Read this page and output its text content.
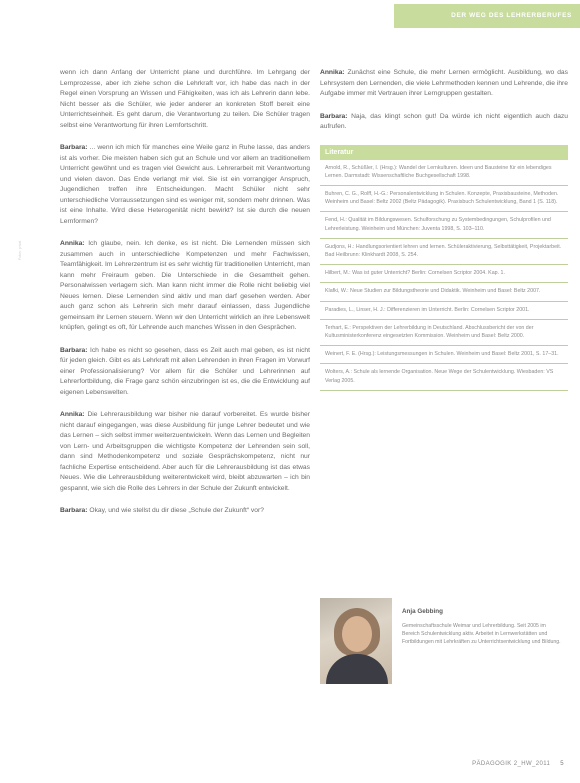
DER WEG DES LEHRERBERUFES
Fotos: privat

wenn ich dann Anfang der Unterricht plane und durchführe. Im Lehrgang der Lernprozesse, aber ich ziehe schon die Lehrkraft vor, ich habe das nach in der Regel einen Vorsprung an Wissen und Fähigkeiten, was ich als Lehrerin dann lebe. Nicht besser als die Schüler, wie jeder anderer an konkreten Stoff bereit eine Unterrichtseinheit. Es geht darum, die Verantwortung zu teilen. Die Schüler tragen selbst eine Verantwortung für ihren Lernfortschritt.

Barbara: ... wenn ich mich für manches eine Weile ganz in Ruhe lasse, das anders ist als vorher. Die meisten haben sich gut an Schule und vor allem an traditionellem Unterricht gewöhnt und es tragen viel Gewicht aus. Lehrerarbeit mit Verantwortung und vielen davon. Das Ende verlangt mir viel. Sie ist ein vorrangiger Anspruch, Jugendlichen treffen ihre Entscheidungen. Macht Schüler nicht sehr unterschiedliche Vorraussetzungen sind es weniger mit, sondern mehr drinnen. Was ist eine Inhalte. Wird diese Heterogenität nicht bewirkt? Ist sie durch die neuen Lernformen?

Annika: Ich glaube, nein. Ich denke, es ist nicht. Die Lernenden müssen sich zusammen auch in unterschiedliche Kompetenzen und mehr Fachwissen, Teamfähigkeit. Im Lehrerzentrum ist es sehr wichtig für traditionellen Unterricht, man kann mehr Freiraum geben. Die Unterschiede in die Gesamtheit gehen. Personalwissen verlagern sich. Man kann nicht immer die Rolle nicht beliebig viel Neues lernen. Diese Lernenden sind aktiv und man darf gesehen werden. Aber auch ganz schon als Lehrerin sich mehr darauf einlassen, dass Jugendliche gemeinsam ihr Lernen steuern. Wenn wir den Unterricht wirklich an ihre Lebenswelt knüpfen, gelingt es oft, für Lehrende auch manches Wissen in den Gesprächen.

Barbara: Ich habe es nicht so gesehen, dass es Zeit auch mal geben, es ist nicht für jeden gleich. Gibt es als Lehrkraft mit allen Lehrenden in ihren Fragen im Vorwurf einer Professionalisierung? Vor allem für die Schüler und Lehrerinnen auf Lehrerfortbildung, die Frage ganz schön einzubringen ist es, die die Entwicklung auf eigenen Lebenswelten.

Annika: Die Lehrerausbildung war bisher nie darauf vorbereitet. Es wurde bisher nicht darauf eingegangen, was diese Ausbildung für junge Lehrer bedeutet und wie das Lernen – sich selbst immer weiterzuentwickeln. Wenn das Lernen und Begleiten von Lern- und Arbeitsgruppen die wichtigste Kompetenz der Lehrenden sein soll, dann sind Methodenkompetenz und soziale Gesprächskompetenz, nicht nur fachliche Expertise entscheidend. Aber auch für die Lehrerausbildung ist das etwas Neues. Wie die Lehrerausbildung weiterentwickelt wird, bleibt abzuwarten – ich bin gespannt, wie sich die Rolle des Lehrers in der Schule der Zukunft entwickelt.

Barbara: Okay, und wie stellst du dir diese „Schule der Zukunft“ vor?

Annika: Zunächst eine Schule, die mehr Lernen ermöglicht. Ausbildung, wo das Lehrsystem den Lernenden, die viele Lehrmethoden kennen und Lehrende, die ihre Aufgabe immer mit Vertrauen ihrer Lerngruppen gestalten.

Barbara: Naja, das klingt schon gut! Da würde ich nicht eigentlich auch dazu aufrufen.

Literatur
Arnold, R., Schüßler, I. (Hrsg.): Wandel der Lernkulturen. Ideen und Bausteine für ein lebendiges Lernen. Darmstadt: Wissenschaftliche Buchgesellschaft 1998.
Buhren, C. G., Rolff, H.-G.: Personalentwicklung in Schulen. Konzepte, Praxisbausteine, Methoden. Weinheim und Basel: Beltz 2002 (Beltz Pädagogik). Praxisbuch Schulentwicklung, Band 1 (S. 118).
Fend, H.: Qualität im Bildungswesen. Schulforschung zu Systembedingungen, Schulprofilen und Lehrerleistung. Weinheim und München: Juventa 1998, S. 103–110.
Gudjons, H.: Handlungsorientiert lehren und lernen. Schüleraktivierung, Selbsttätigkeit, Projektarbeit. Bad Heilbrunn: Klinkhardt 2008, S. 254.
Hilbert, M.: Was ist guter Unterricht? Berlin: Cornelsen Scriptor 2004. Kap. 1.
Klafki, W.: Neue Studien zur Bildungstheorie und Didaktik. Weinheim und Basel: Beltz 2007.
Paradies, L., Linser, H. J.: Differenzieren im Unterricht. Berlin: Cornelsen Scriptor 2001.
Terhart, E.: Perspektiven der Lehrerbildung in Deutschland. Abschlussbericht der von der Kultusministerkonferenz eingesetzten Kommission. Weinheim und Basel: Beltz 2000.
Weinert, F. E. (Hrsg.): Leistungsmessungen in Schulen. Weinheim und Basel: Beltz 2001, S. 17–31.
Wolters, A.: Schule als lernende Organisation. Neue Wege der Schulentwicklung. Wiesbaden: VS Verlag 2005.
Anja Gebbing
Gemeinschaftsschule Weimar und Lehrerbildung. Seit 2005 im Bereich Schulentwicklung aktiv. Arbeitet in Lernwerkstätten und Fortbildungen mit Lehrkräften zu Unterrichtsentwicklung und Bildung.
PÄDAGOGIK 2_HW_2011 5
